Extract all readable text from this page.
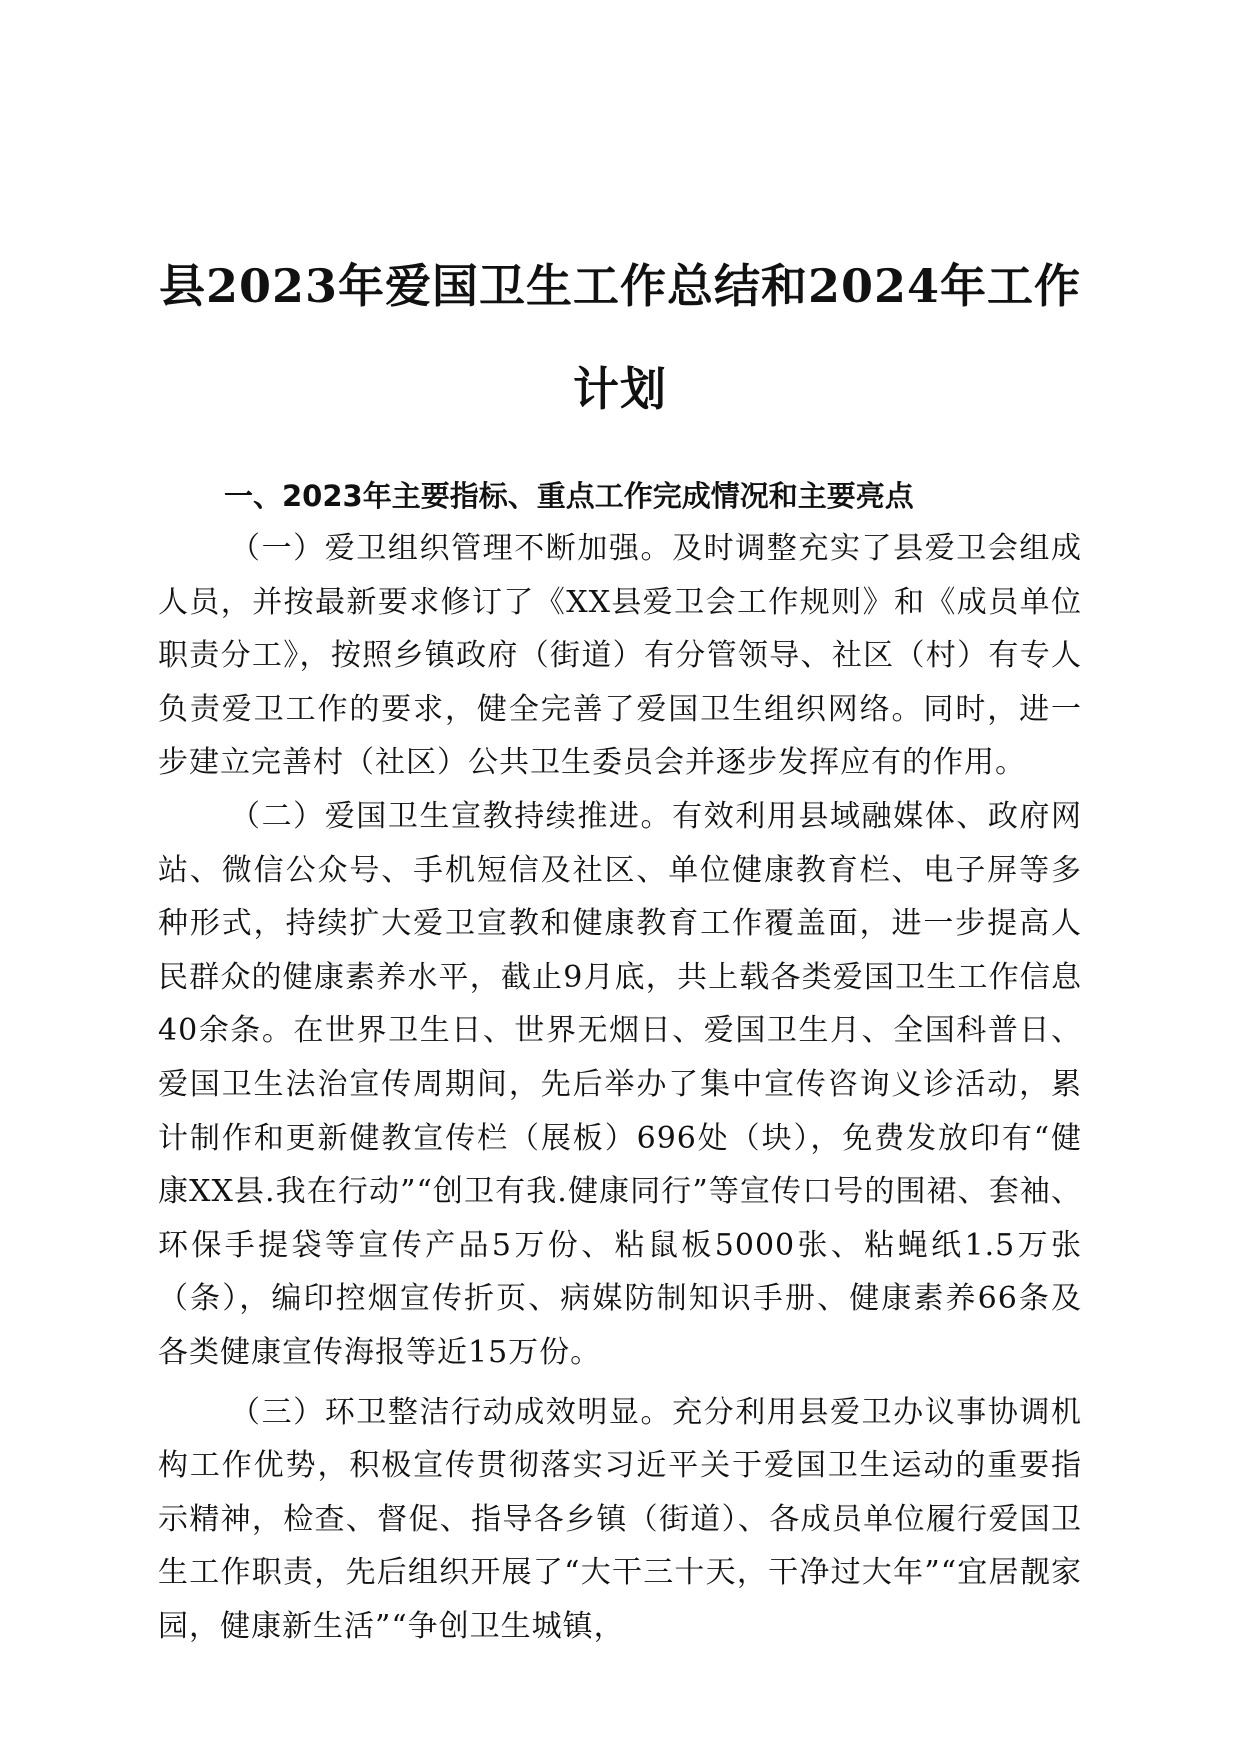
县2023年爱国卫生工作总结和2024年工作计划
一、2023年主要指标、重点工作完成情况和主要亮点

（一）爱卫组织管理不断加强。及时调整充实了县爱卫会组成人员，并按最新要求修订了《XX县爱卫会工作规则》和《成员单位职责分工》，按照乡镇政府（街道）有分管领导、社区（村）有专人负责爱卫工作的要求，健全完善了爱国卫生组织网络。同时，进一步建立完善村（社区）公共卫生委员会并逐步发挥应有的作用。

（二）爱国卫生宣教持续推进。有效利用县域融媒体、政府网站、微信公众号、手机短信及社区、单位健康教育栏、电子屏等多种形式，持续扩大爱卫宣教和健康教育工作覆盖面，进一步提高人民群众的健康素养水平，截止9月底，共上载各类爱国卫生工作信息40余条。在世界卫生日、世界无烟日、爱国卫生月、全国科普日、爱国卫生法治宣传周期间，先后举办了集中宣传咨询义诊活动，累计制作和更新健教宣传栏（展板）696处（块），免费发放印有“健康XX县.我在行动”“创卫有我.健康同行”等宣传口号的围裙、套袖、环保手提袋等宣传产品5万份、粘鼠板5000张、粘蝇纸1.5万张（条），编印控烟宣传折页、病媒防制知识手册、健康素养66条及各类健康宣传海报等近15万份。

（三）环卫整洁行动成效明显。充分利用县爱卫办议事协调机构工作优势，积极宣传贯彻落实习近平关于爱国卫生运动的重要指示精神，检查、督促、指导各乡镇（街道）、各成员单位履行爱国卫生工作职责，先后组织开展了“大干三十天，干净过大年”“宜居靓家园，健康新生活”“争创卫生城镇，
